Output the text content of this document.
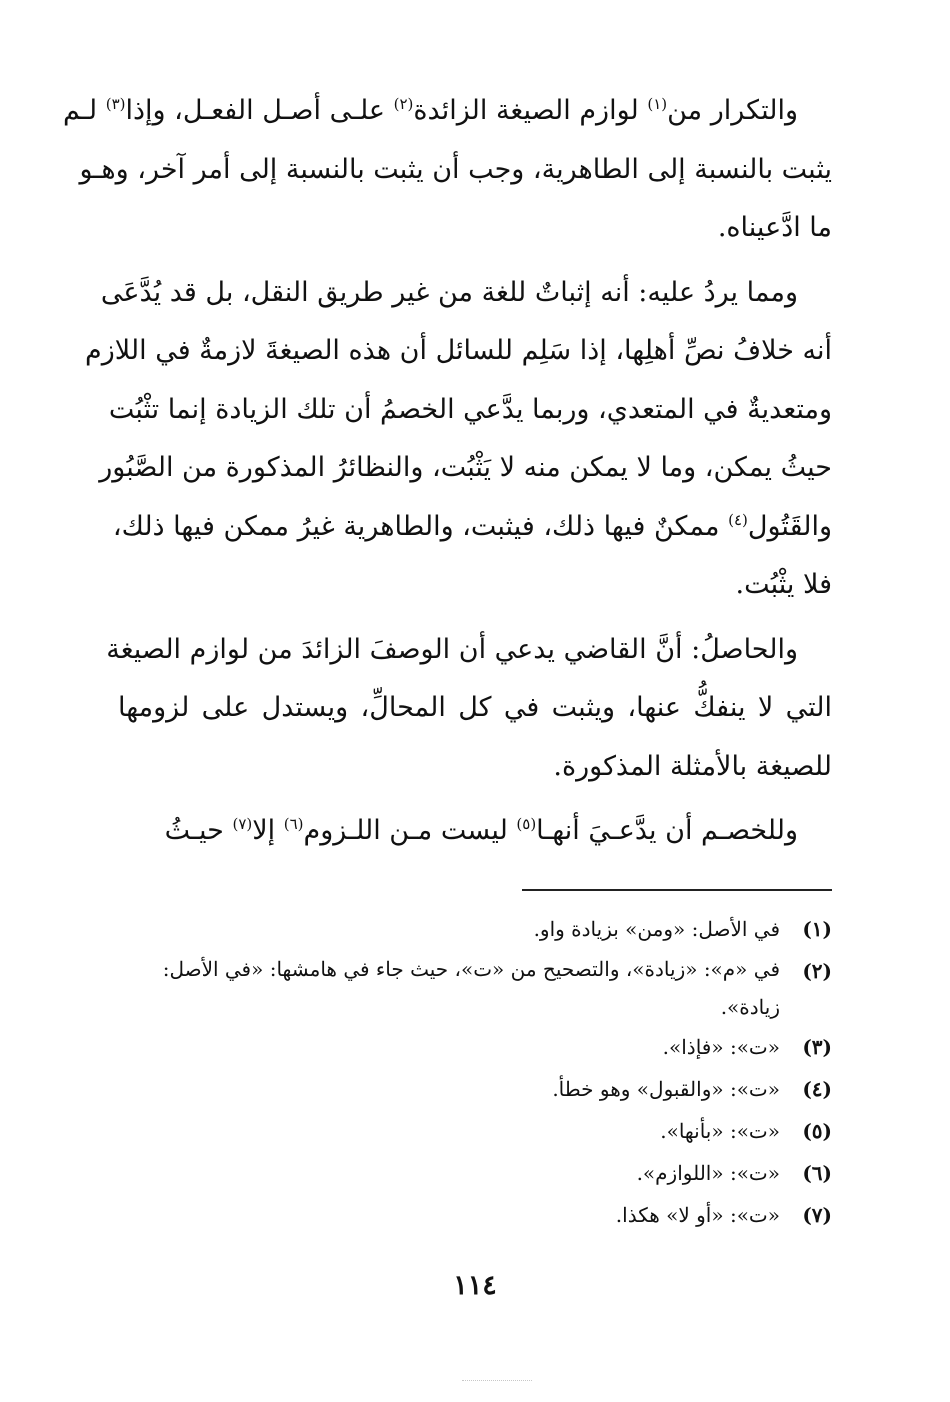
والتكرار من$^{(١)}$ لوازم الصيغة الزائدة$^{(٢)}$ علـى أصـل الفعـل، وإذا$^{(٣)}$ لـم
يثبت بالنسبة إلى الطاهرية، وجب أن يثبت بالنسبة إلى أمر آخر، وهـو
ما ادَّعيناه.

ومما يردُ عليه: أنه إثباتٌ للغة من غير طريق النقل، بل قد يُدَّعَى
أنه خلافُ نصِّ أهلِها، إذا سَلِم للسائل أن هذه الصيغةَ لازمةٌ في اللازم
ومتعديةٌ في المتعدي، وربما يدَّعي الخصمُ أن تلك الزيادة إنما تثْبُت
حيثُ يمكن، وما لا يمكن منه لا يَثْبُت، والنظائرُ المذكورة من الصَّبُور
والقَتُول$^{(٤)}$ ممكنٌ فيها ذلك، فيثبت، والطاهرية غيرُ ممكن فيها ذلك،
فلا يثْبُت.

والحاصلُ: أنَّ القاضي يدعي أن الوصفَ الزائدَ من لوازم الصيغة
التي لا ينفكُّ عنها، ويثبت في كل المحالِّ، ويستدل على لزومها
للصيغة بالأمثلة المذكورة.

وللخصـم أن يدَّعـيَ أنهـا$^{(٥)}$ ليست مـن اللـزوم$^{(٦)}$ إلا$^{(٧)}$ حيـثُ

(١)
في الأصل: «ومن» بزيادة واو.
(٢)
في «م»: «زيادة»، والتصحيح من «ت»، حيث جاء في هامشها: «في الأصل: زيادة».
(٣)
«ت»: «فإذا».
(٤)
«ت»: «والقبول» وهو خطأ.
(٥)
«ت»: «بأنها».
(٦)
«ت»: «اللوازم».
(٧)
«ت»: «أو لا» هكذا.
١١٤
